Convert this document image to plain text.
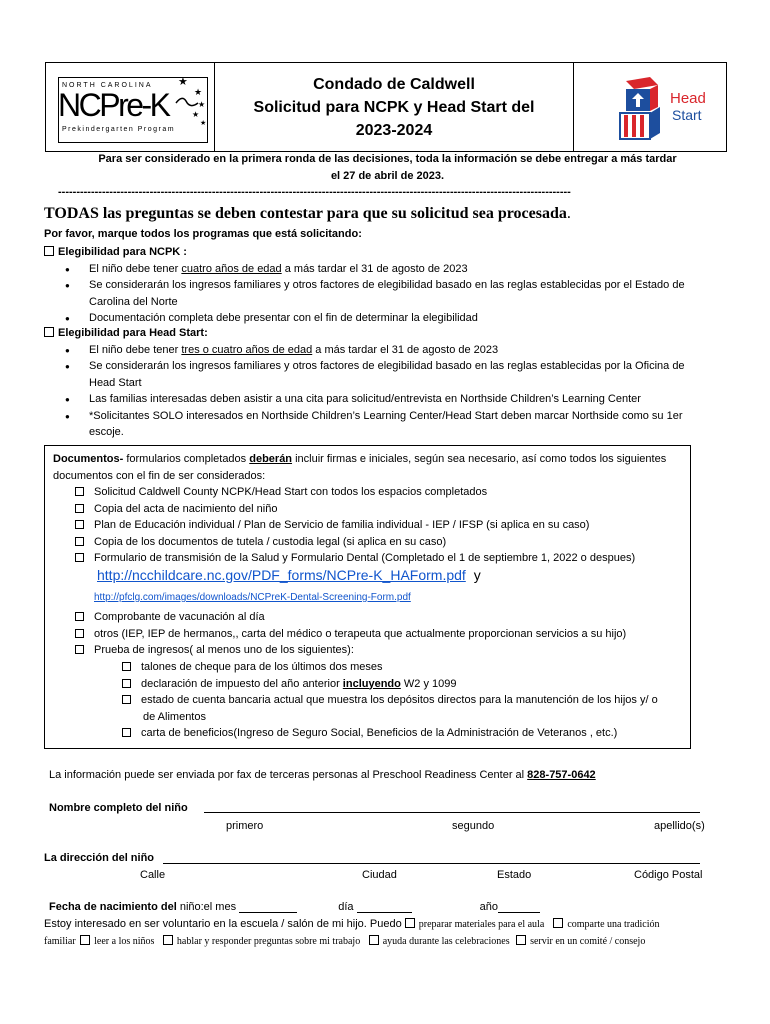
NORTH CAROLINA
NCPre-K
★
★
★
★
★
Prekindergarten Program
Condado de Caldwell
Solicitud para NCPK y Head Start del
2023-2024
Head
Start
Para ser considerado en la primera ronda de las decisiones, toda la información se debe entregar a más tardar
el 27 de abril de 2023.
--------------------------------------------------------------------------------------------------------------------------------------------
TODAS las preguntas se deben contestar para que su solicitud sea procesada.
Por favor, marque todos los programas que está solicitando:
Elegibilidad para NCPK :
● El niño debe tener cuatro años de edad a más tardar el 31 de agosto de 2023
● Se considerarán los ingresos familiares y otros factores de elegibilidad basado en las reglas establecidas por el Estado de
Carolina del Norte
● Documentación completa debe presentar con el fin de determinar la elegibilidad
Elegibilidad para Head Start:
● El niño debe tener tres o cuatro años de edad a más tardar el 31 de agosto de 2023
● Se considerarán los ingresos familiares y otros factores de elegibilidad basado en las reglas establecidas por la Oficina de
Head Start
● Las familias interesadas deben asistir a una cita para solicitud/entrevista en Northside Children’s Learning Center
● *Solicitantes SOLO interesados en Northside Children’s Learning Center/Head Start deben marcar Northside como su 1er
escoje.
Documentos- formularios completados deberán incluir firmas e iniciales, según sea necesario, así como todos los siguientes
documentos con el fin de ser considerados:
Solicitud Caldwell County NCPK/Head Start con todos los espacios completados
Copia del acta de nacimiento del niño
Plan de Educación individual / Plan de Servicio de familia individual - IEP / IFSP (si aplica en su caso)
Copia de los documentos de tutela / custodia legal (si aplica en su caso)
Formulario de transmisión de la Salud y Formulario Dental (Completado el 1 de septiembre 1, 2022 o despues)
http://ncchildcare.nc.gov/PDF_forms/NCPre-K_HAForm.pdf y
http://pfclg.com/images/downloads/NCPreK-Dental-Screening-Form.pdf
Comprobante de vacunación al día
otros (IEP, IEP de hermanos,, carta del médico o terapeuta que actualmente proporcionan servicios a su hijo)
Prueba de ingresos( al menos uno de los siguientes):
talones de cheque para de los últimos dos meses
declaración de impuesto del año anterior incluyendo W2 y 1099
estado de cuenta bancaria actual que muestra los depósitos directos para la manutención de los hijos y/ o
de Alimentos
carta de beneficios(Ingreso de Seguro Social, Beneficios de la Administración de Veteranos , etc.)
La información puede ser enviada por fax de terceras personas al Preschool Readiness Center al 828-757-0642
Nombre completo del niño
primero	segundo	apellido(s)
La dirección del niño
Calle	Ciudad	Estado	Código Postal
Fecha de nacimiento del niño:el mes	día	año
Estoy interesado en ser voluntario en la escuela / salón de mi hijo. Puedo preparar materiales para el aula comparte una tradición
familiar leer a los niños hablar y responder preguntas sobre mi trabajo ayuda durante las celebraciones servir en un comité / consejo
